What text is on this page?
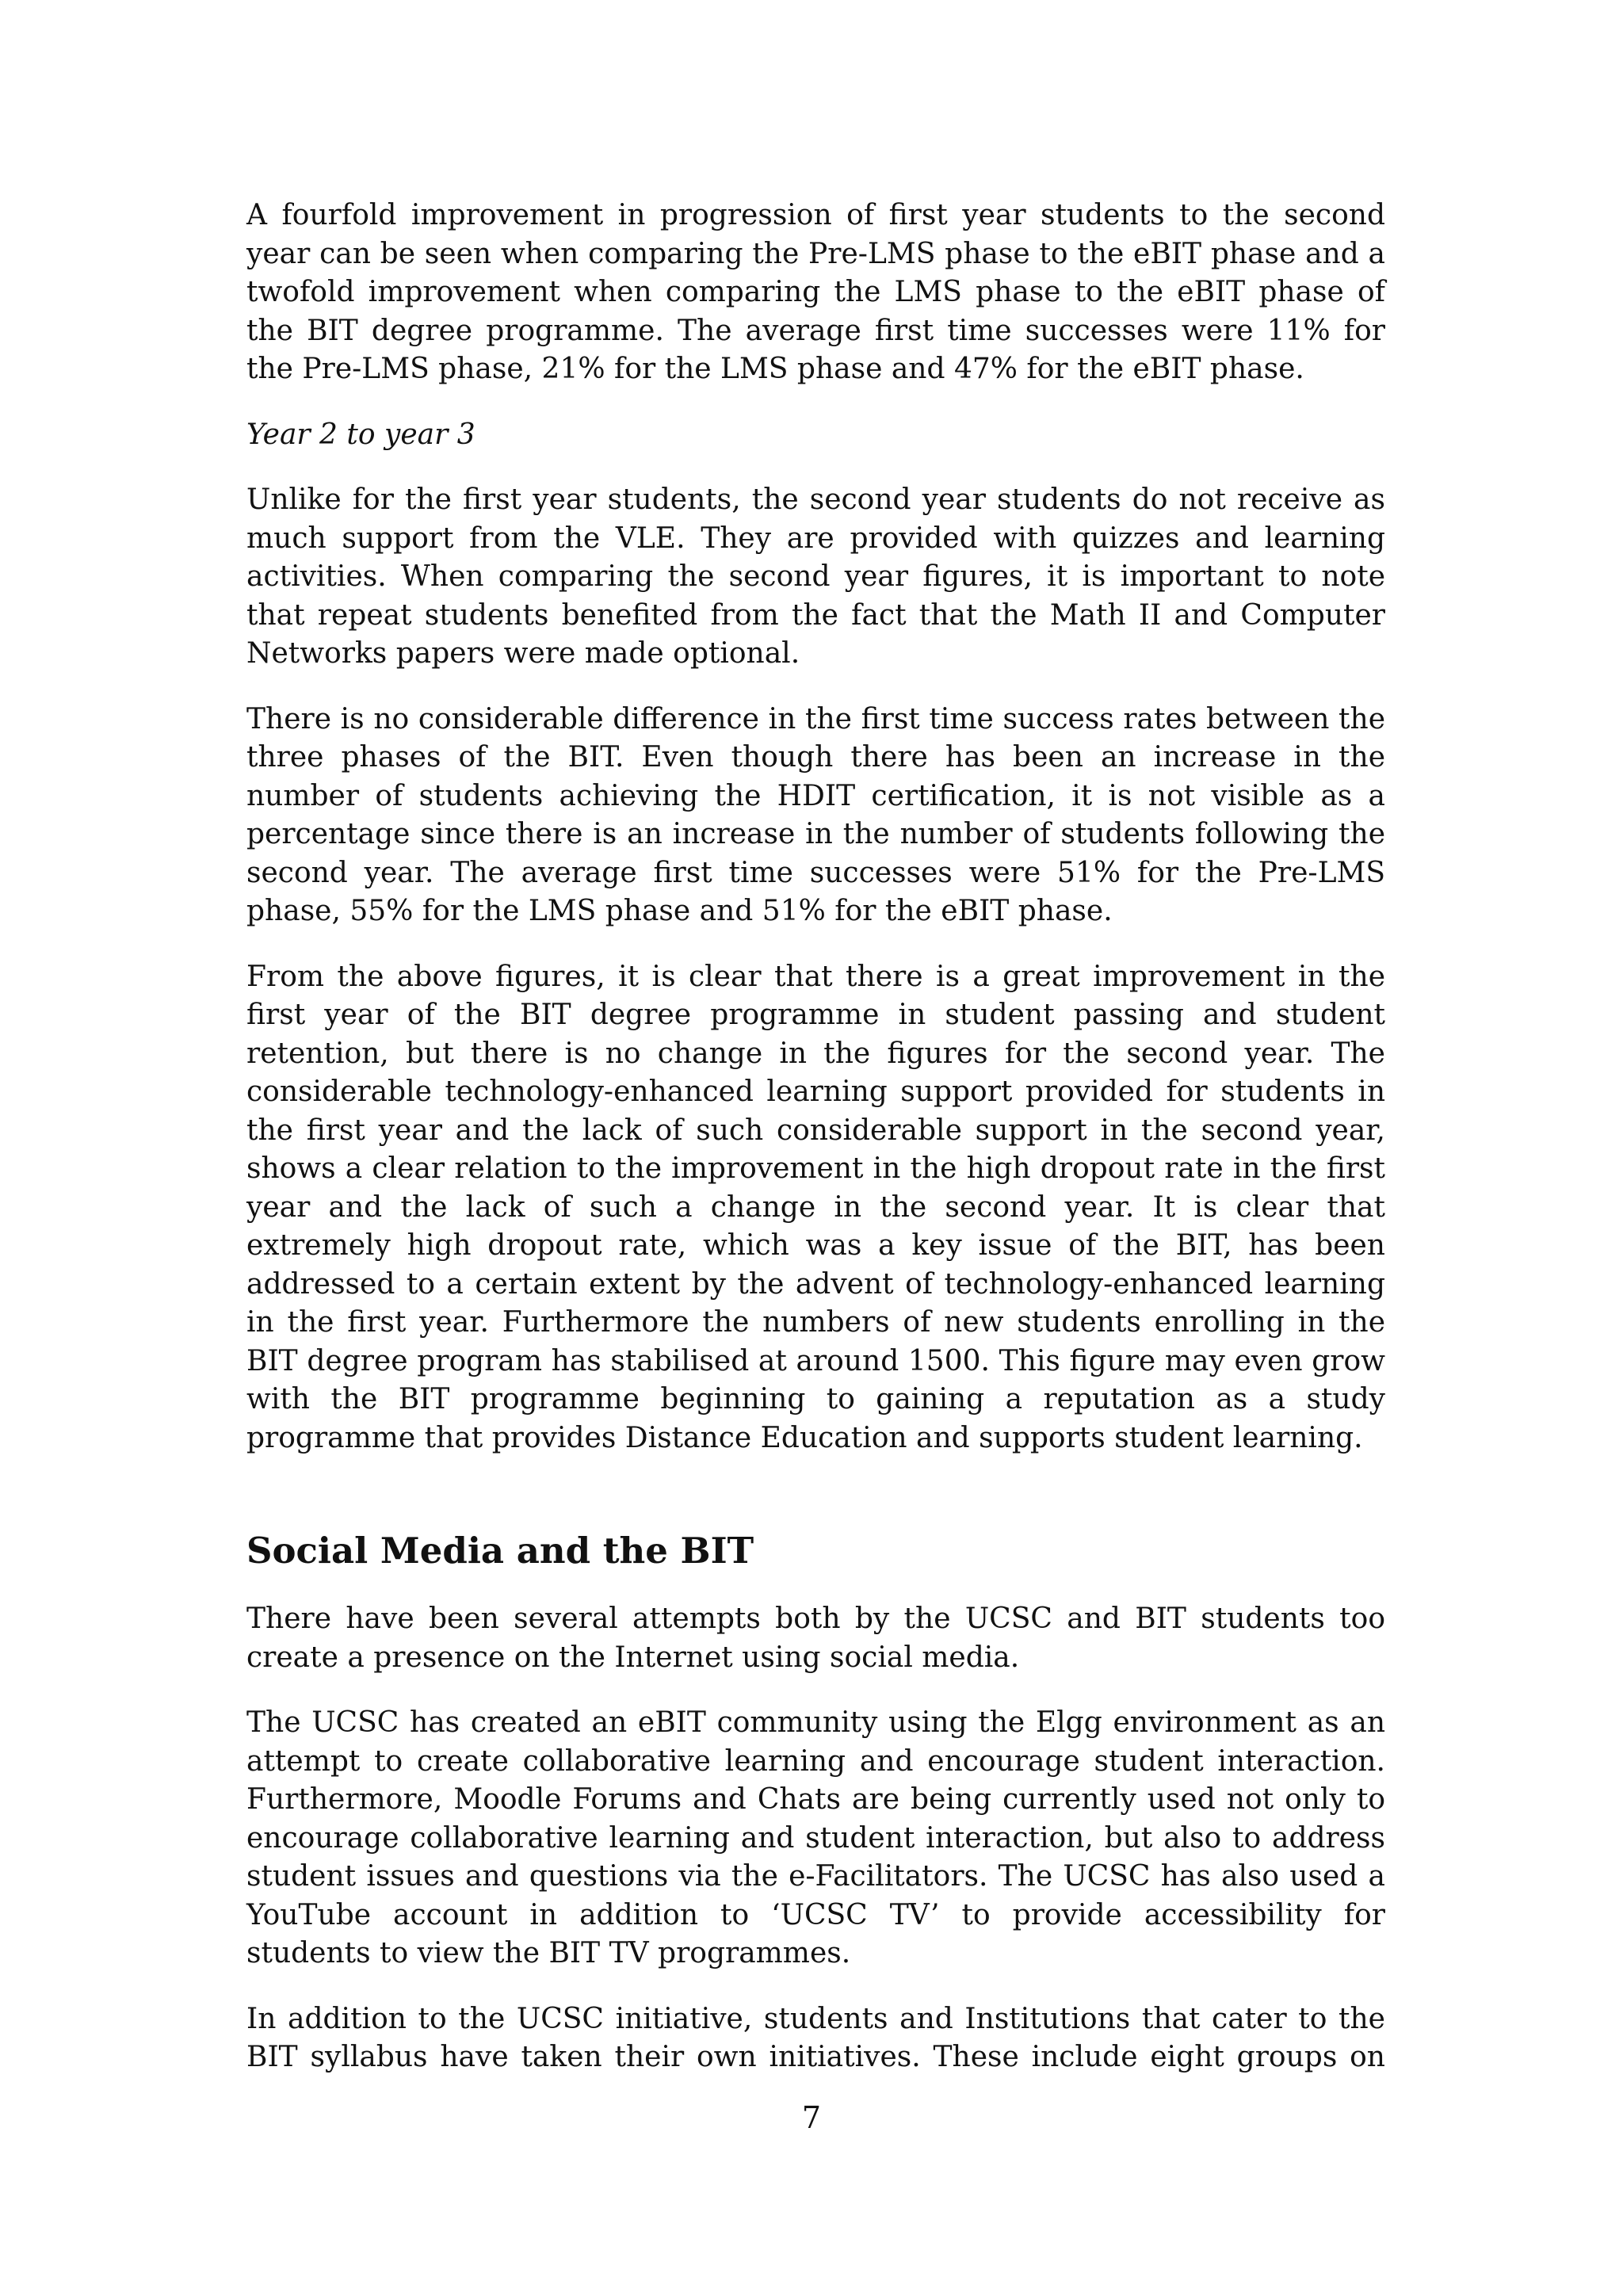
A fourfold improvement in progression of first year students to the second year can be seen when comparing the Pre-LMS phase to the eBIT phase and a twofold improvement when comparing the LMS phase to the eBIT phase of the BIT degree programme. The average first time successes were 11% for the Pre-LMS phase, 21% for the LMS phase and 47% for the eBIT phase.

Year 2 to year 3

Unlike for the first year students, the second year students do not receive as much support from the VLE. They are provided with quizzes and learning activities. When comparing the second year figures, it is important to note that repeat students benefited from the fact that the Math II and Computer Networks papers were made optional.

There is no considerable difference in the first time success rates between the three phases of the BIT. Even though there has been an increase in the number of students achieving the HDIT certification, it is not visible as a percentage since there is an increase in the number of students following the second year. The average first time successes were 51% for the Pre-LMS phase, 55% for the LMS phase and 51% for the eBIT phase.

From the above figures, it is clear that there is a great improvement in the first year of the BIT degree programme in student passing and student retention, but there is no change in the figures for the second year. The considerable technology-enhanced learning support provided for students in the first year and the lack of such considerable support in the second year, shows a clear relation to the improvement in the high dropout rate in the first year and the lack of such a change in the second year. It is clear that extremely high dropout rate, which was a key issue of the BIT, has been addressed to a certain extent by the advent of technology-enhanced learning in the first year. Furthermore the numbers of new students enrolling in the BIT degree program has stabilised at around 1500. This figure may even grow with the BIT programme beginning to gaining a reputation as a study programme that provides Distance Education and supports student learning.

Social Media and the BIT

There have been several attempts both by the UCSC and BIT students too create a presence on the Internet using social media.

The UCSC has created an eBIT community using the Elgg environment as an attempt to create collaborative learning and encourage student interaction. Furthermore, Moodle Forums and Chats are being currently used not only to encourage collaborative learning and student interaction, but also to address student issues and questions via the e-Facilitators. The UCSC has also used a YouTube account in addition to ‘UCSC TV’ to provide accessibility for students to view the BIT TV programmes.

In addition to the UCSC initiative, students and Institutions that cater to the BIT syllabus have taken their own initiatives. These include eight groups on

7
